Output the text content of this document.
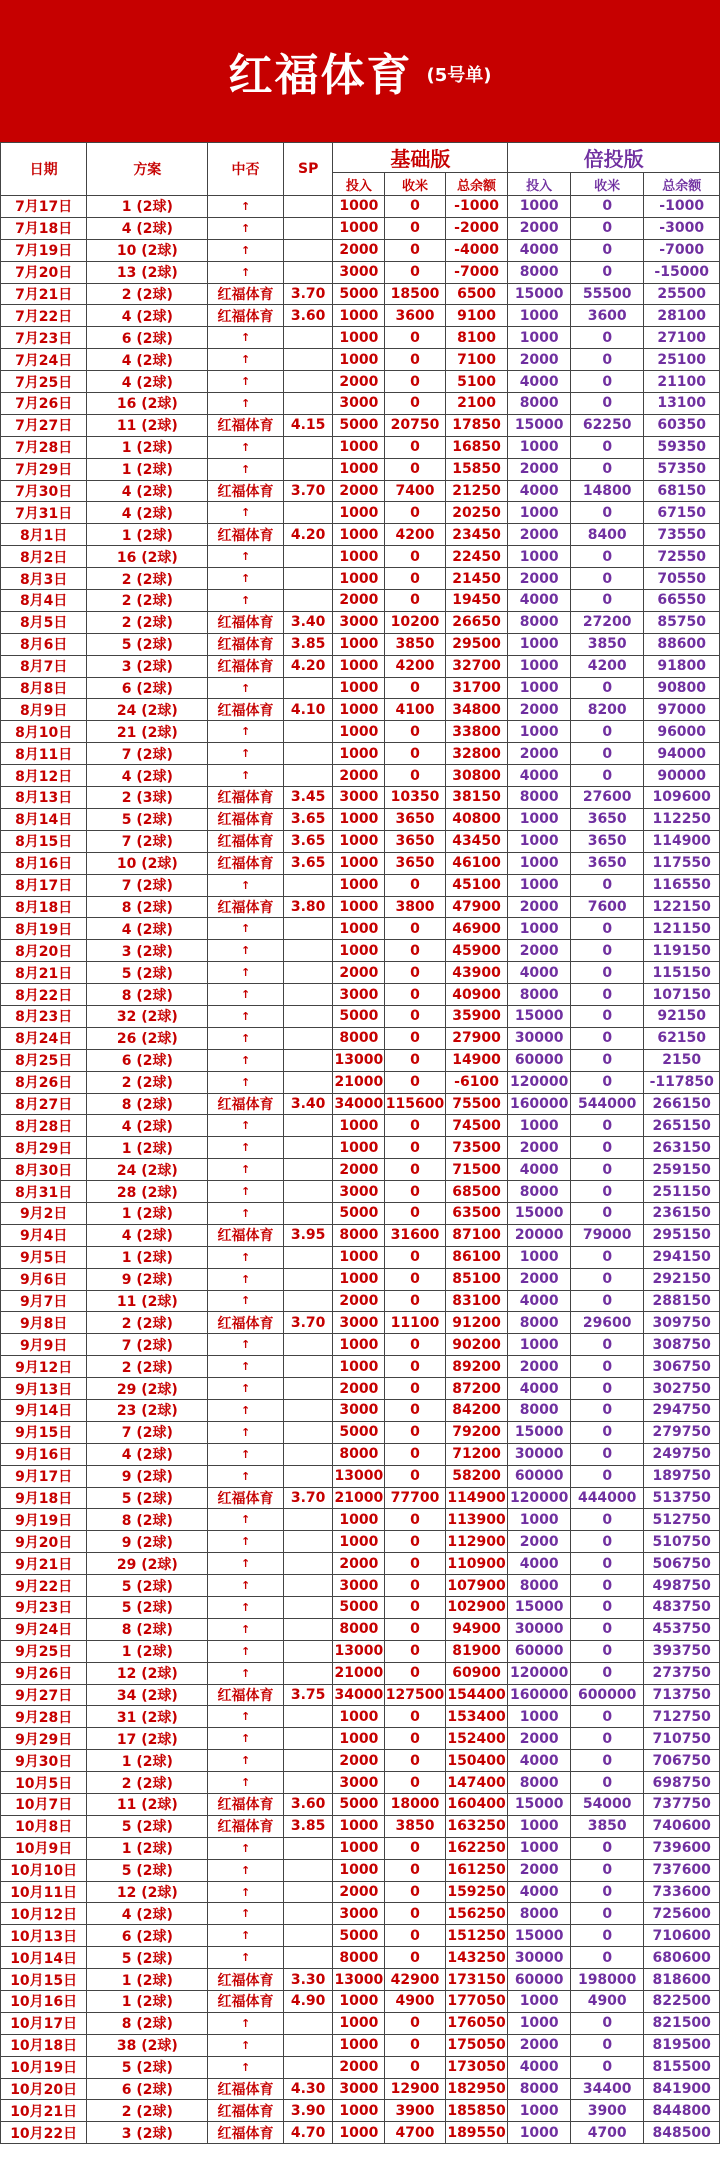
红福体育 (5号单)
日期	方案	中否	SP	基础版			倍投版		
				投入	收米	总余额	投入	收米	总余额
7月17日	1 (2球)	↑		1000	0	-1000	1000	0	-1000
7月18日	4 (2球)	↑		1000	0	-2000	2000	0	-3000
7月19日	10 (2球)	↑		2000	0	-4000	4000	0	-7000
7月20日	13 (2球)	↑		3000	0	-7000	8000	0	-15000
7月21日	2 (2球)	红福体育	3.70	5000	18500	6500	15000	55500	25500
7月22日	4 (2球)	红福体育	3.60	1000	3600	9100	1000	3600	28100
7月23日	6 (2球)	↑		1000	0	8100	1000	0	27100
7月24日	4 (2球)	↑		1000	0	7100	2000	0	25100
7月25日	4 (2球)	↑		2000	0	5100	4000	0	21100
7月26日	16 (2球)	↑		3000	0	2100	8000	0	13100
7月27日	11 (2球)	红福体育	4.15	5000	20750	17850	15000	62250	60350
7月28日	1 (2球)	↑		1000	0	16850	1000	0	59350
7月29日	1 (2球)	↑		1000	0	15850	2000	0	57350
7月30日	4 (2球)	红福体育	3.70	2000	7400	21250	4000	14800	68150
7月31日	4 (2球)	↑		1000	0	20250	1000	0	67150
8月1日	1 (2球)	红福体育	4.20	1000	4200	23450	2000	8400	73550
8月2日	16 (2球)	↑		1000	0	22450	1000	0	72550
8月3日	2 (2球)	↑		1000	0	21450	2000	0	70550
8月4日	2 (2球)	↑		2000	0	19450	4000	0	66550
8月5日	2 (2球)	红福体育	3.40	3000	10200	26650	8000	27200	85750
8月6日	5 (2球)	红福体育	3.85	1000	3850	29500	1000	3850	88600
8月7日	3 (2球)	红福体育	4.20	1000	4200	32700	1000	4200	91800
8月8日	6 (2球)	↑		1000	0	31700	1000	0	90800
8月9日	24 (2球)	红福体育	4.10	1000	4100	34800	2000	8200	97000
8月10日	21 (2球)	↑		1000	0	33800	1000	0	96000
8月11日	7 (2球)	↑		1000	0	32800	2000	0	94000
8月12日	4 (2球)	↑		2000	0	30800	4000	0	90000
8月13日	2 (3球)	红福体育	3.45	3000	10350	38150	8000	27600	109600
8月14日	5 (2球)	红福体育	3.65	1000	3650	40800	1000	3650	112250
8月15日	7 (2球)	红福体育	3.65	1000	3650	43450	1000	3650	114900
8月16日	10 (2球)	红福体育	3.65	1000	3650	46100	1000	3650	117550
8月17日	7 (2球)	↑		1000	0	45100	1000	0	116550
8月18日	8 (2球)	红福体育	3.80	1000	3800	47900	2000	7600	122150
8月19日	4 (2球)	↑		1000	0	46900	1000	0	121150
8月20日	3 (2球)	↑		1000	0	45900	2000	0	119150
8月21日	5 (2球)	↑		2000	0	43900	4000	0	115150
8月22日	8 (2球)	↑		3000	0	40900	8000	0	107150
8月23日	32 (2球)	↑		5000	0	35900	15000	0	92150
8月24日	26 (2球)	↑		8000	0	27900	30000	0	62150
8月25日	6 (2球)	↑		13000	0	14900	60000	0	2150
8月26日	2 (2球)	↑		21000	0	-6100	120000	0	-117850
8月27日	8 (2球)	红福体育	3.40	34000	115600	75500	160000	544000	266150
8月28日	4 (2球)	↑		1000	0	74500	1000	0	265150
8月29日	1 (2球)	↑		1000	0	73500	2000	0	263150
8月30日	24 (2球)	↑		2000	0	71500	4000	0	259150
8月31日	28 (2球)	↑		3000	0	68500	8000	0	251150
9月2日	1 (2球)	↑		5000	0	63500	15000	0	236150
9月4日	4 (2球)	红福体育	3.95	8000	31600	87100	20000	79000	295150
9月5日	1 (2球)	↑		1000	0	86100	1000	0	294150
9月6日	9 (2球)	↑		1000	0	85100	2000	0	292150
9月7日	11 (2球)	↑		2000	0	83100	4000	0	288150
9月8日	2 (2球)	红福体育	3.70	3000	11100	91200	8000	29600	309750
9月9日	7 (2球)	↑		1000	0	90200	1000	0	308750
9月12日	2 (2球)	↑		1000	0	89200	2000	0	306750
9月13日	29 (2球)	↑		2000	0	87200	4000	0	302750
9月14日	23 (2球)	↑		3000	0	84200	8000	0	294750
9月15日	7 (2球)	↑		5000	0	79200	15000	0	279750
9月16日	4 (2球)	↑		8000	0	71200	30000	0	249750
9月17日	9 (2球)	↑		13000	0	58200	60000	0	189750
9月18日	5 (2球)	红福体育	3.70	21000	77700	114900	120000	444000	513750
9月19日	8 (2球)	↑		1000	0	113900	1000	0	512750
9月20日	9 (2球)	↑		1000	0	112900	2000	0	510750
9月21日	29 (2球)	↑		2000	0	110900	4000	0	506750
9月22日	5 (2球)	↑		3000	0	107900	8000	0	498750
9月23日	5 (2球)	↑		5000	0	102900	15000	0	483750
9月24日	8 (2球)	↑		8000	0	94900	30000	0	453750
9月25日	1 (2球)	↑		13000	0	81900	60000	0	393750
9月26日	12 (2球)	↑		21000	0	60900	120000	0	273750
9月27日	34 (2球)	红福体育	3.75	34000	127500	154400	160000	600000	713750
9月28日	31 (2球)	↑		1000	0	153400	1000	0	712750
9月29日	17 (2球)	↑		1000	0	152400	2000	0	710750
9月30日	1 (2球)	↑		2000	0	150400	4000	0	706750
10月5日	2 (2球)	↑		3000	0	147400	8000	0	698750
10月7日	11 (2球)	红福体育	3.60	5000	18000	160400	15000	54000	737750
10月8日	5 (2球)	红福体育	3.85	1000	3850	163250	1000	3850	740600
10月9日	1 (2球)	↑		1000	0	162250	1000	0	739600
10月10日	5 (2球)	↑		1000	0	161250	2000	0	737600
10月11日	12 (2球)	↑		2000	0	159250	4000	0	733600
10月12日	4 (2球)	↑		3000	0	156250	8000	0	725600
10月13日	6 (2球)	↑		5000	0	151250	15000	0	710600
10月14日	5 (2球)	↑		8000	0	143250	30000	0	680600
10月15日	1 (2球)	红福体育	3.30	13000	42900	173150	60000	198000	818600
10月16日	1 (2球)	红福体育	4.90	1000	4900	177050	1000	4900	822500
10月17日	8 (2球)	↑		1000	0	176050	1000	0	821500
10月18日	38 (2球)	↑		1000	0	175050	2000	0	819500
10月19日	5 (2球)	↑		2000	0	173050	4000	0	815500
10月20日	6 (2球)	红福体育	4.30	3000	12900	182950	8000	34400	841900
10月21日	2 (2球)	红福体育	3.90	1000	3900	185850	1000	3900	844800
10月22日	3 (2球)	红福体育	4.70	1000	4700	189550	1000	4700	848500
